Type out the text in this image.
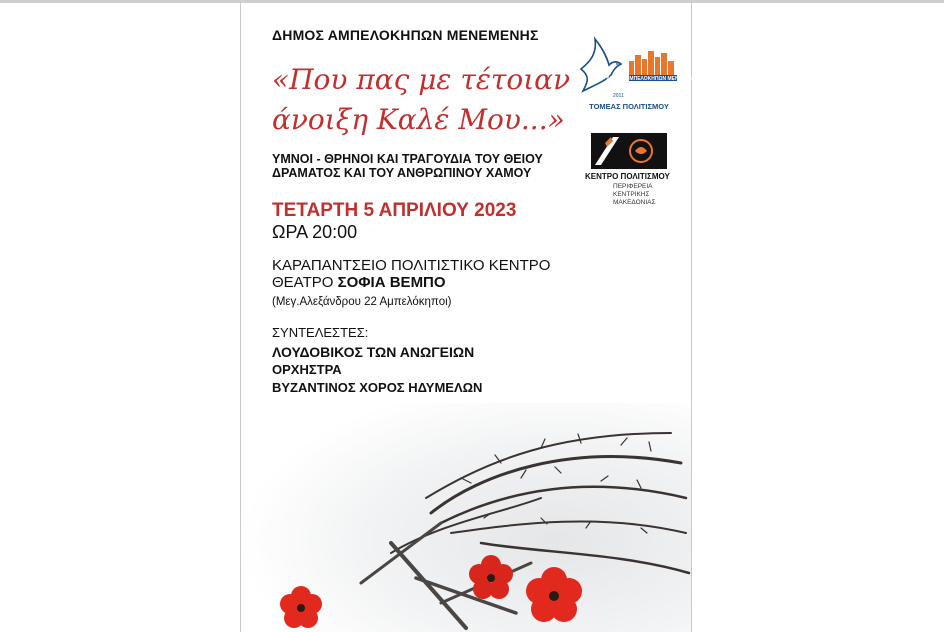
ΔΗΜΟΣ ΑΜΠΕΛΟΚΗΠΩΝ ΜΕΝΕΜΕΝΗΣ
«Που πας με τέτοιαν
άνοιξη Καλέ Μου...»
ΥΜΝΟΙ - ΘΡΗΝΟΙ ΚΑΙ ΤΡΑΓΟΥΔΙΑ ΤΟΥ ΘΕΙΟΥ
ΔΡΑΜΑΤΟΣ ΚΑΙ ΤΟΥ ΑΝΘΡΩΠΙΝΟΥ ΧΑΜΟΥ
ΤΕΤΑΡΤΗ 5 ΑΠΡΙΛΙΟΥ 2023
ΩΡΑ 20:00
ΚΑΡΑΠΑΝΤΣΕΙΟ ΠΟΛΙΤΙΣΤΙΚΟ ΚΕΝΤΡΟ
ΘΕΑΤΡΟ ΣΟΦΙΑ ΒΕΜΠΟ
(Μεγ.Αλεξάνδρου 22 Αμπελόκηποι)
ΣΥΝΤΕΛΕΣΤΕΣ:
ΛΟΥΔΟΒΙΚΟΣ ΤΩΝ ΑΝΩΓΕΙΩΝ
ΟΡΧΗΣΤΡΑ
ΒΥΖΑΝΤΙΝΟΣ ΧΟΡΟΣ ΗΔΥΜΕΛΩΝ
ΔΗΜΟΣ ΑΜΠΕΛΟΚΗΠΩΝ ΜΕΝΕΜΕΝΗΣ
2011
ΤΟΜΕΑΣ ΠΟΛΙΤΙΣΜΟΥ
ΚΕΝΤΡΟ ΠΟΛΙΤΙΣΜΟΥ
ΠΕΡΙΦΕΡΕΙΑ
ΚΕΝΤΡΙΚΗΣ
ΜΑΚΕΔΟΝΙΑΣ
